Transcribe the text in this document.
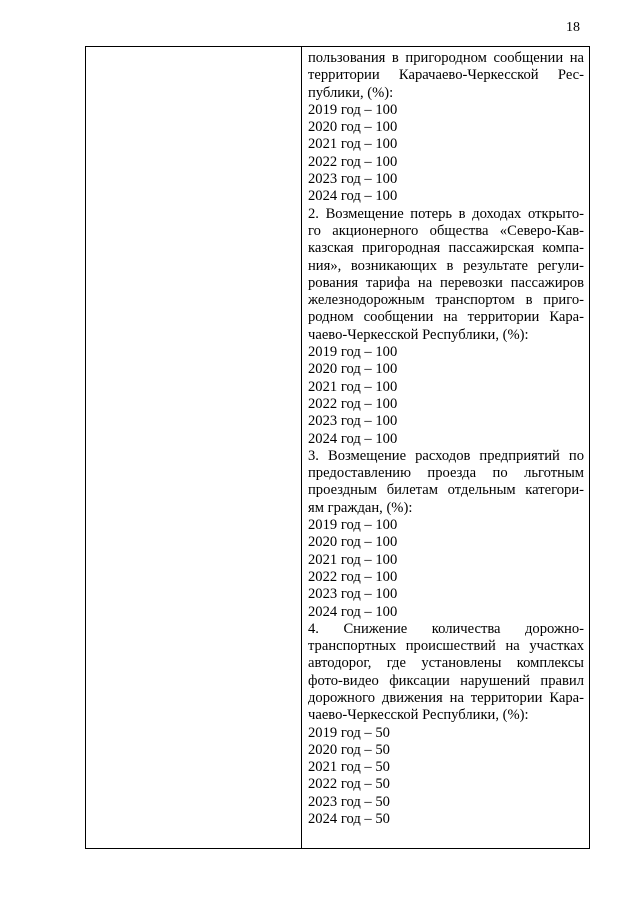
18
пользования в пригородном сообщении на
территории Карачаево-Черкесской Рес-
публики, (%):
2019 год – 100
2020 год – 100
2021 год – 100
2022 год – 100
2023 год – 100
2024 год – 100
2. Возмещение потерь в доходах открыто-
го акционерного общества «Северо-Кав-
казская пригородная пассажирская компа-
ния», возникающих в результате регули-
рования тарифа на перевозки пассажиров
железнодорожным транспортом в приго-
родном сообщении на территории Кара-
чаево-Черкесской Республики, (%):
2019 год – 100
2020 год – 100
2021 год – 100
2022 год – 100
2023 год – 100
2024 год – 100
3. Возмещение расходов предприятий по
предоставлению проезда по льготным
проездным билетам отдельным категори-
ям граждан, (%):
2019 год – 100
2020 год – 100
2021 год – 100
2022 год – 100
2023 год – 100
2024 год – 100
4. Снижение количества дорожно-
транспортных происшествий на участках
автодорог, где установлены комплексы
фото-видео фиксации нарушений правил
дорожного движения на территории Кара-
чаево-Черкесской Республики, (%):
2019 год – 50
2020 год – 50
2021 год – 50
2022 год – 50
2023 год – 50
2024 год – 50
